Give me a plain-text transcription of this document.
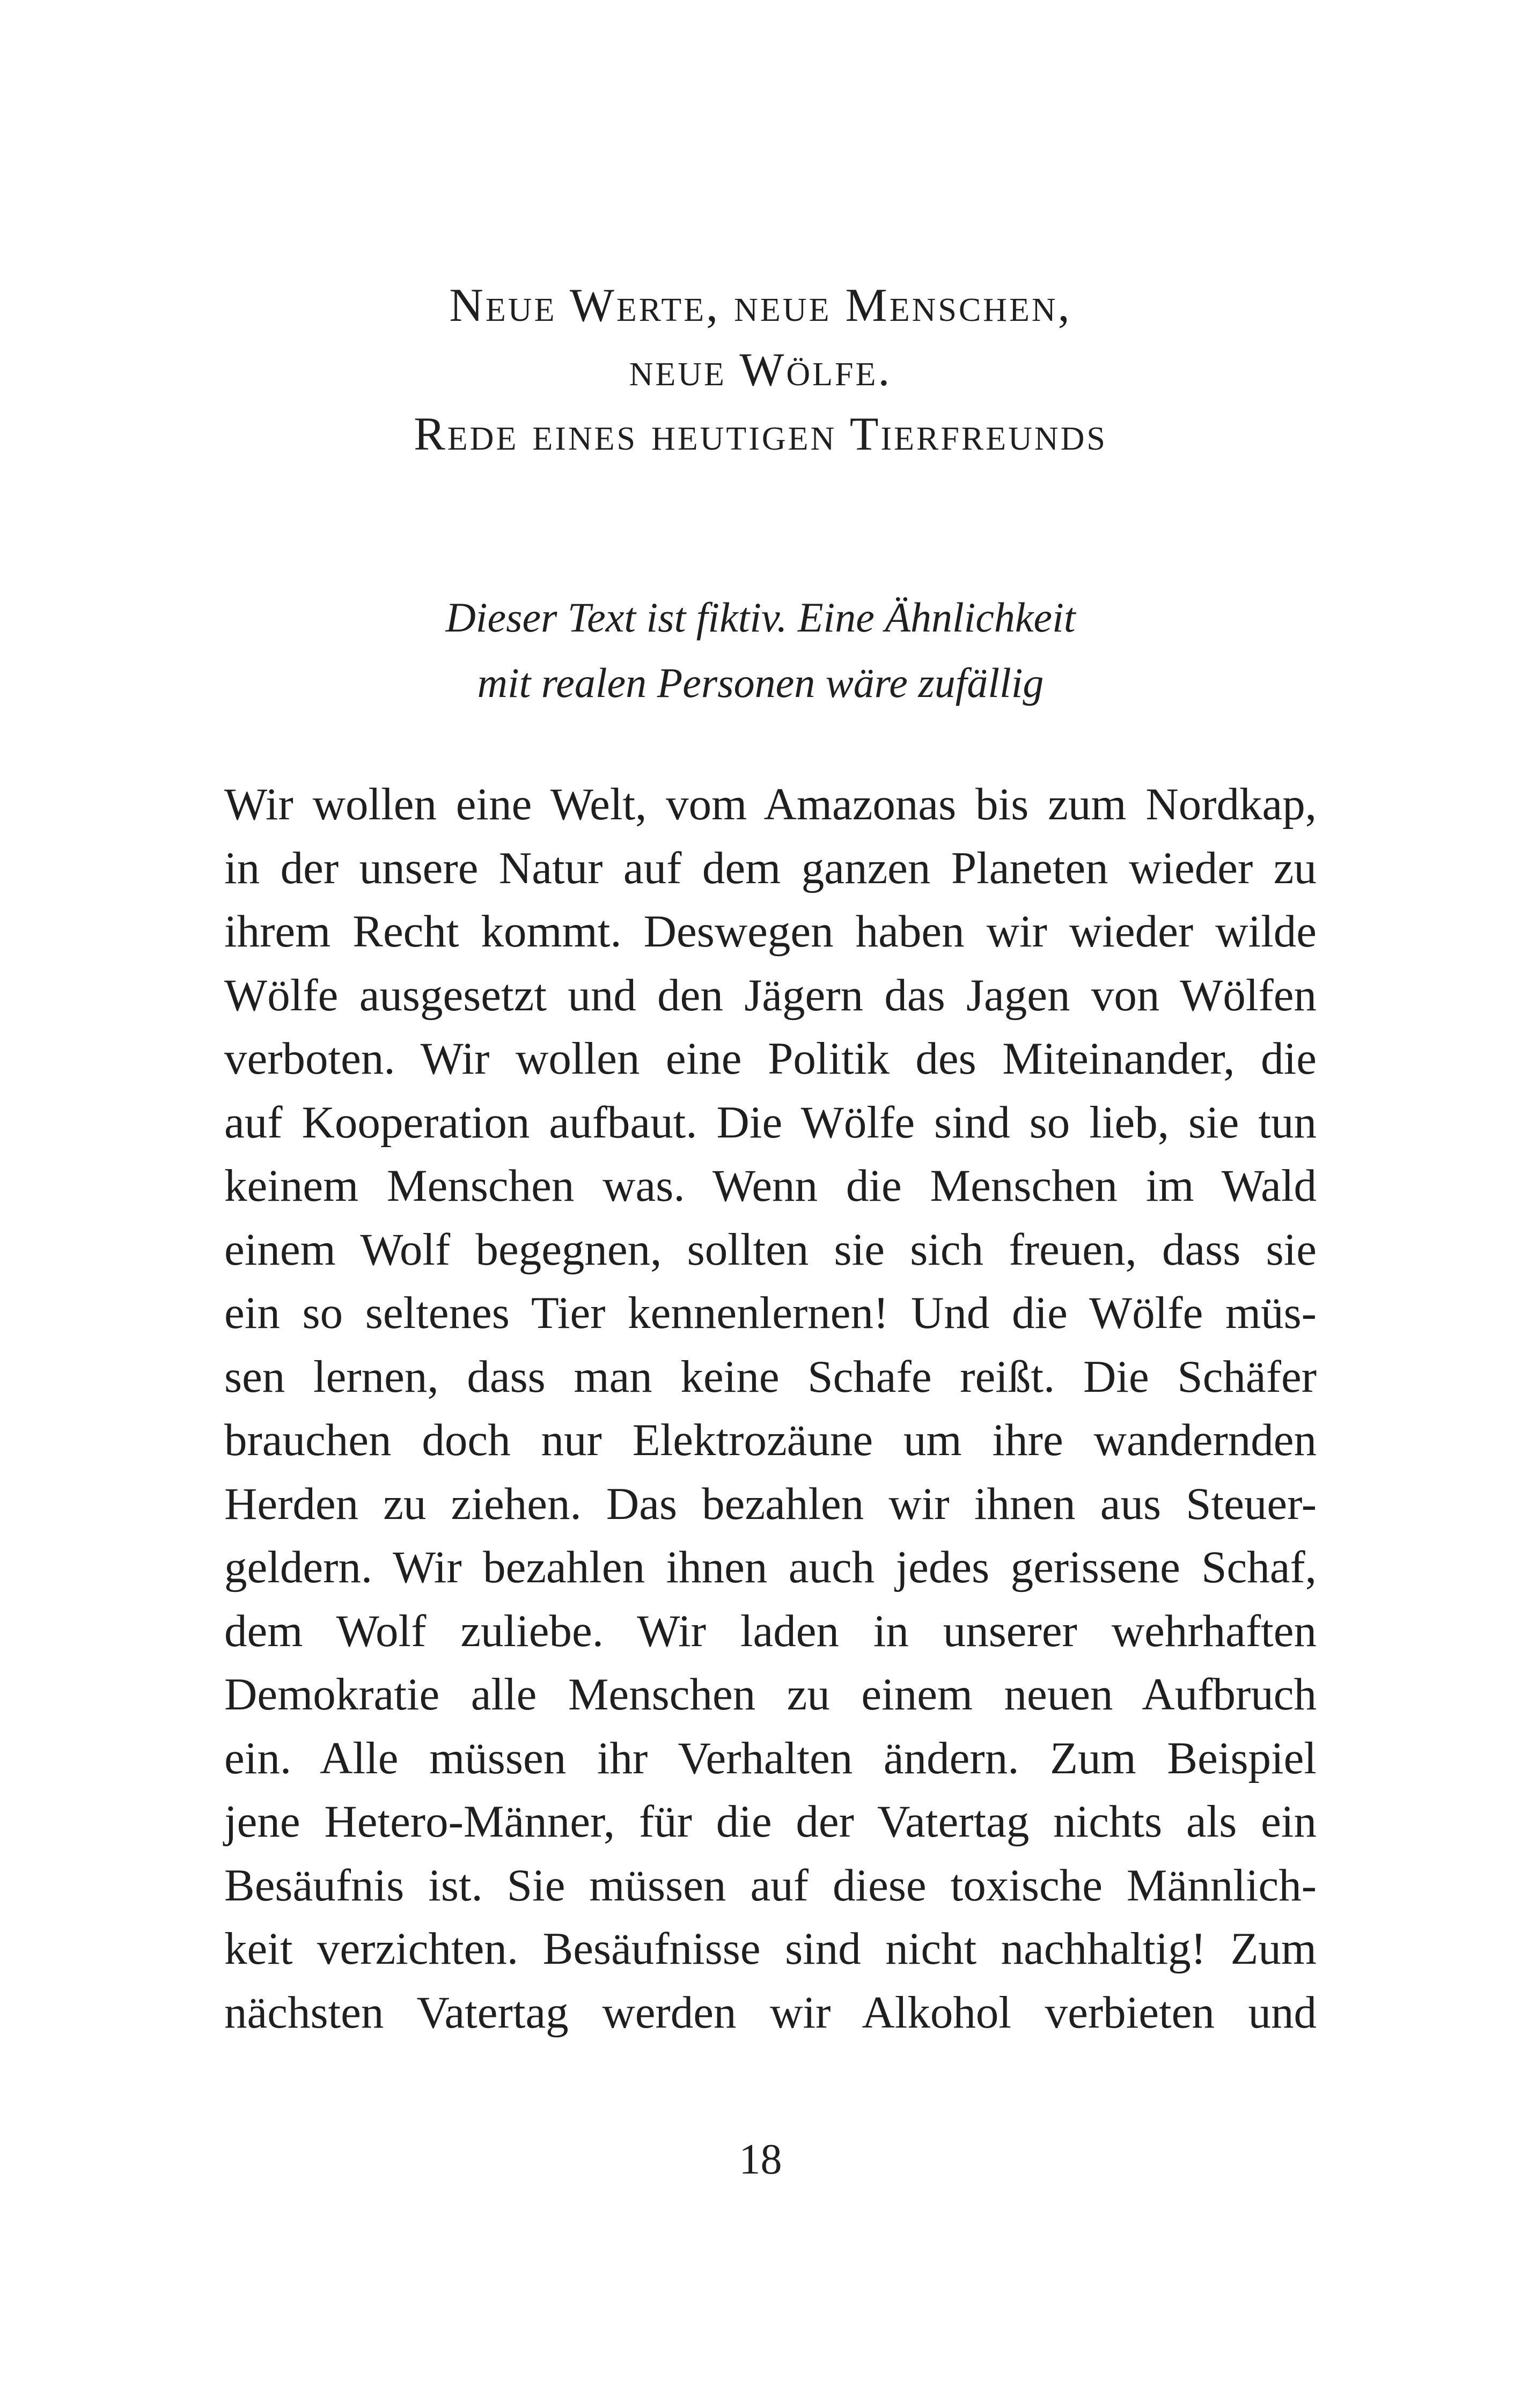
Neue Werte, neue Menschen,

neue Wölfe.

Rede eines heutigen Tierfreunds

Dieser Text ist fiktiv. Eine Ähnlichkeit

mit realen Personen wäre zufällig

Wir wollen eine Welt, vom Amazonas bis zum Nordkap,

in der unsere Natur auf dem ganzen Planeten wieder zu

ihrem Recht kommt. Deswegen haben wir wieder wilde

Wölfe ausgesetzt und den Jägern das Jagen von Wölfen

verboten. Wir wollen eine Politik des Miteinander, die

auf Kooperation aufbaut. Die Wölfe sind so lieb, sie tun

keinem Menschen was. Wenn die Menschen im Wald

einem Wolf begegnen, sollten sie sich freuen, dass sie

ein so seltenes Tier kennenlernen! Und die Wölfe müs-

sen lernen, dass man keine Schafe reißt. Die Schäfer

brauchen doch nur Elektrozäune um ihre wandernden

Herden zu ziehen. Das bezahlen wir ihnen aus Steuer-

geldern. Wir bezahlen ihnen auch jedes gerissene Schaf,

dem Wolf zuliebe. Wir laden in unserer wehrhaften

Demokratie alle Menschen zu einem neuen Aufbruch

ein. Alle müssen ihr Verhalten ändern. Zum Beispiel

jene Hetero-Männer, für die der Vatertag nichts als ein

Besäufnis ist. Sie müssen auf diese toxische Männlich-

keit verzichten. Besäufnisse sind nicht nachhaltig! Zum

nächsten Vatertag werden wir Alkohol verbieten und

18
